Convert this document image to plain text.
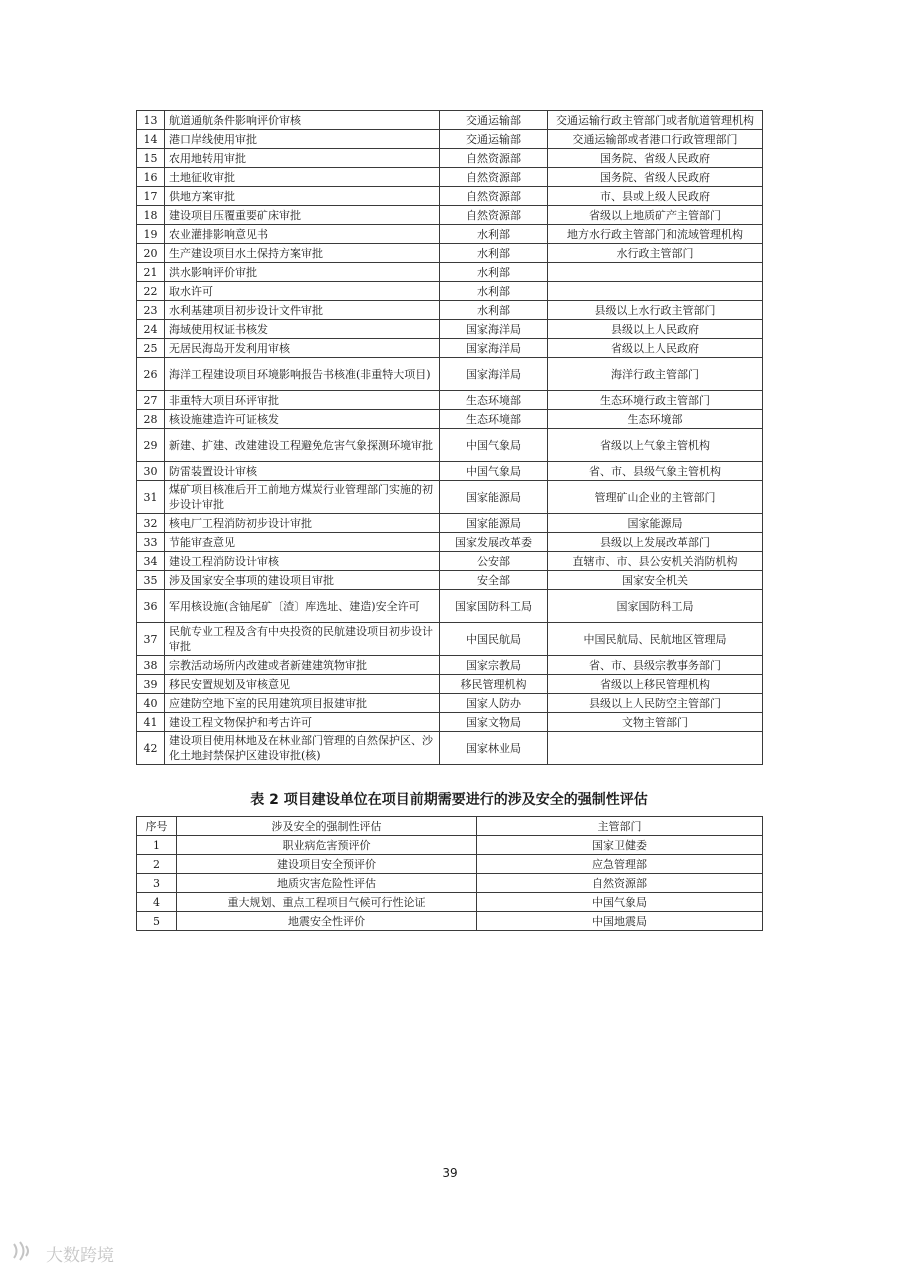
13	航道通航条件影响评价审核	交通运输部	交通运输行政主管部门或者航道管理机构
14	港口岸线使用审批	交通运输部	交通运输部或者港口行政管理部门
15	农用地转用审批	自然资源部	国务院、省级人民政府
16	土地征收审批	自然资源部	国务院、省级人民政府
17	供地方案审批	自然资源部	市、县或上级人民政府
18	建设项目压覆重要矿床审批	自然资源部	省级以上地质矿产主管部门
19	农业灌排影响意见书	水利部	地方水行政主管部门和流域管理机构
20	生产建设项目水土保持方案审批	水利部	水行政主管部门
21	洪水影响评价审批	水利部	
22	取水许可	水利部	
23	水利基建项目初步设计文件审批	水利部	县级以上水行政主管部门
24	海域使用权证书核发	国家海洋局	县级以上人民政府
25	无居民海岛开发利用审核	国家海洋局	省级以上人民政府
26	海洋工程建设项目环境影响报告书核准(非重特大项目)	国家海洋局	海洋行政主管部门
27	非重特大项目环评审批	生态环境部	生态环境行政主管部门
28	核设施建造许可证核发	生态环境部	生态环境部
29	新建、扩建、改建建设工程避免危害气象探测环境审批	中国气象局	省级以上气象主管机构
30	防雷装置设计审核	中国气象局	省、市、县级气象主管机构
31	煤矿项目核准后开工前地方煤炭行业管理部门实施的初步设计审批	国家能源局	管理矿山企业的主管部门
32	核电厂工程消防初步设计审批	国家能源局	国家能源局
33	节能审查意见	国家发展改革委	县级以上发展改革部门
34	建设工程消防设计审核	公安部	直辖市、市、县公安机关消防机构
35	涉及国家安全事项的建设项目审批	安全部	国家安全机关
36	军用核设施(含铀尾矿〔渣〕库选址、建造)安全许可	国家国防科工局	国家国防科工局
37	民航专业工程及含有中央投资的民航建设项目初步设计审批	中国民航局	中国民航局、民航地区管理局
38	宗教活动场所内改建或者新建建筑物审批	国家宗教局	省、市、县级宗教事务部门
39	移民安置规划及审核意见	移民管理机构	省级以上移民管理机构
40	应建防空地下室的民用建筑项目报建审批	国家人防办	县级以上人民防空主管部门
41	建设工程文物保护和考古许可	国家文物局	文物主管部门
42	建设项目使用林地及在林业部门管理的自然保护区、沙化土地封禁保护区建设审批(核)	国家林业局	
表 2 项目建设单位在项目前期需要进行的涉及安全的强制性评估
序号	涉及安全的强制性评估	主管部门
1	职业病危害预评价	国家卫健委
2	建设项目安全预评价	应急管理部
3	地质灾害危险性评估	自然资源部
4	重大规划、重点工程项目气候可行性论证	中国气象局
5	地震安全性评价	中国地震局
39
大数跨境
